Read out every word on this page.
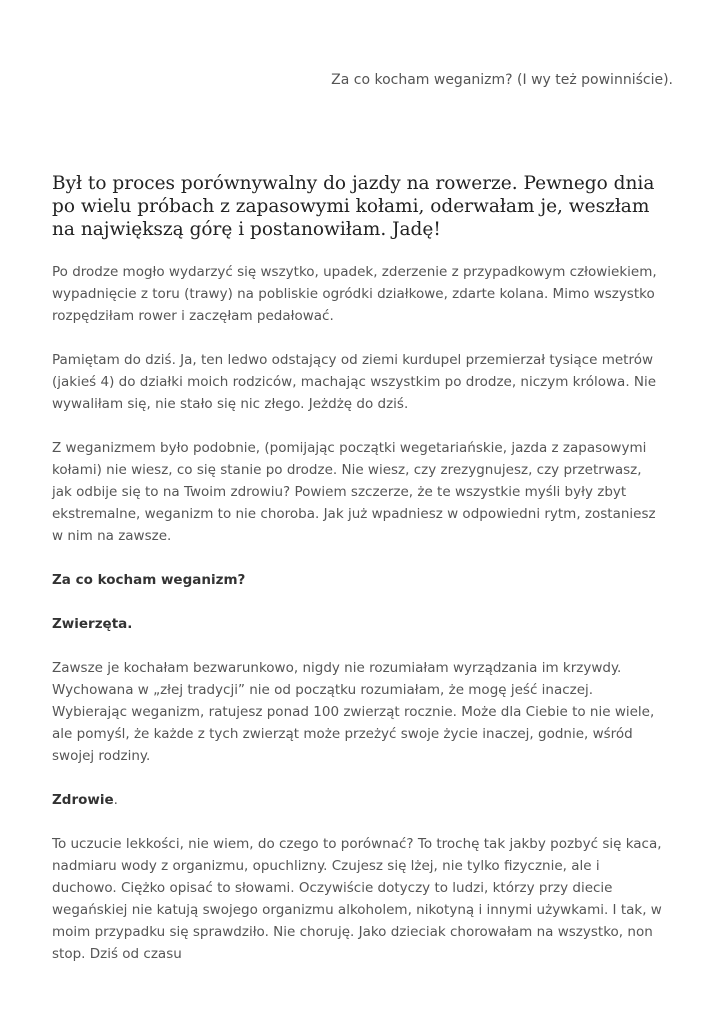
Za co kocham weganizm? (I wy też powinniście).

Był to proces porównywalny do jazdy na rowerze. Pewnego dnia po wielu próbach z zapasowymi kołami, oderwałam je, weszłam na największą górę i postanowiłam. Jadę!

Po drodze mogło wydarzyć się wszytko, upadek, zderzenie z przypadkowym człowiekiem, wypadnięcie z toru (trawy) na pobliskie ogródki działkowe, zdarte kolana. Mimo wszystko rozpędziłam rower i zaczęłam pedałować.

Pamiętam do dziś. Ja, ten ledwo odstający od ziemi kurdupel przemierzał tysiące metrów (jakieś 4) do działki moich rodziców, machając wszystkim po drodze, niczym królowa. Nie wywaliłam się, nie stało się nic złego. Jeżdżę do dziś.

Z weganizmem było podobnie, (pomijając początki wegetariańskie, jazda z zapasowymi kołami) nie wiesz, co się stanie po drodze. Nie wiesz, czy zrezygnujesz, czy przetrwasz, jak odbije się to na Twoim zdrowiu? Powiem szczerze, że te wszystkie myśli były zbyt ekstremalne, weganizm to nie choroba. Jak już wpadniesz w odpowiedni rytm, zostaniesz w nim na zawsze.

Za co kocham weganizm?

Zwierzęta.

Zawsze je kochałam bezwarunkowo, nigdy nie rozumiałam wyrządzania im krzywdy. Wychowana w „złej tradycji” nie od początku rozumiałam, że mogę jeść inaczej. Wybierając weganizm, ratujesz ponad 100 zwierząt rocznie. Może dla Ciebie to nie wiele, ale pomyśl, że każde z tych zwierząt może przeżyć swoje życie inaczej, godnie, wśród swojej rodziny.

Zdrowie.

To uczucie lekkości, nie wiem, do czego to porównać? To trochę tak jakby pozbyć się kaca, nadmiaru wody z organizmu, opuchlizny. Czujesz się lżej, nie tylko fizycznie, ale i duchowo. Ciężko opisać to słowami. Oczywiście dotyczy to ludzi, którzy przy diecie wegańskiej nie katują swojego organizmu alkoholem, nikotyną i innymi używkami. I tak, w moim przypadku się sprawdziło. Nie choruję. Jako dzieciak chorowałam na wszystko, non stop. Dziś od czasu
